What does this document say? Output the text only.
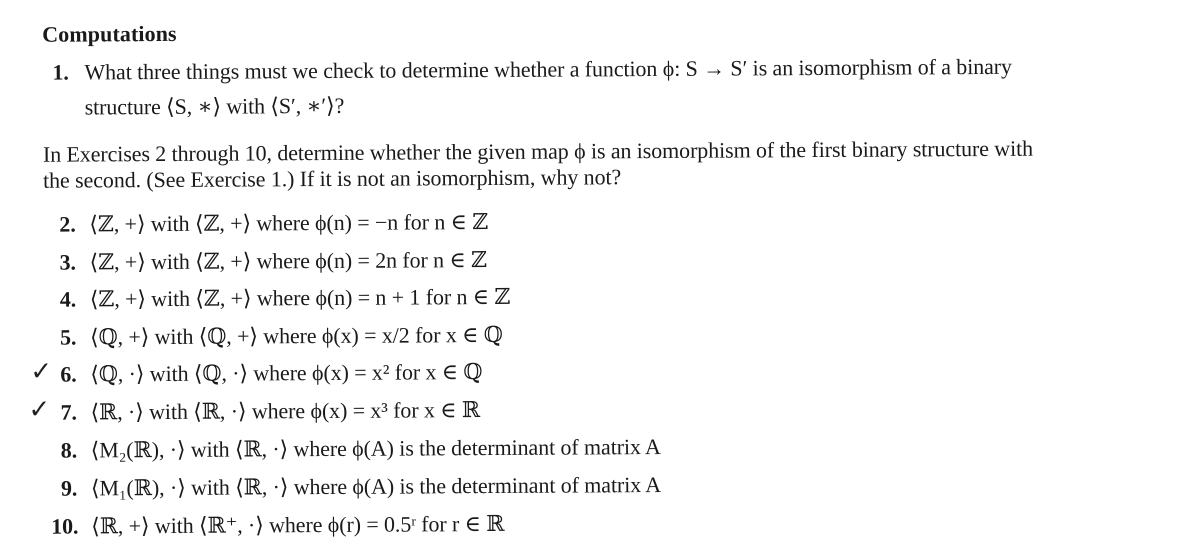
Computations
1. What three things must we check to determine whether a function ϕ: S → S′ is an isomorphism of a binary
structure ⟨S, ∗⟩ with ⟨S′, ∗′⟩?
In Exercises 2 through 10, determine whether the given map ϕ is an isomorphism of the first binary structure with
the second. (See Exercise 1.) If it is not an isomorphism, why not?
2. ⟨ℤ, +⟩ with ⟨ℤ, +⟩ where ϕ(n) = −n for n ∈ ℤ
3. ⟨ℤ, +⟩ with ⟨ℤ, +⟩ where ϕ(n) = 2n for n ∈ ℤ
4. ⟨ℤ, +⟩ with ⟨ℤ, +⟩ where ϕ(n) = n + 1 for n ∈ ℤ
5. ⟨ℚ, +⟩ with ⟨ℚ, +⟩ where ϕ(x) = x/2 for x ∈ ℚ
✓ 6. ⟨ℚ, ·⟩ with ⟨ℚ, ·⟩ where ϕ(x) = x² for x ∈ ℚ
✓ 7. ⟨ℝ, ·⟩ with ⟨ℝ, ·⟩ where ϕ(x) = x³ for x ∈ ℝ
8. ⟨M₂(ℝ), ·⟩ with ⟨ℝ, ·⟩ where ϕ(A) is the determinant of matrix A
9. ⟨M₁(ℝ), ·⟩ with ⟨ℝ, ·⟩ where ϕ(A) is the determinant of matrix A
10. ⟨ℝ, +⟩ with ⟨ℝ⁺, ·⟩ where ϕ(r) = 0.5ʳ for r ∈ ℝ
